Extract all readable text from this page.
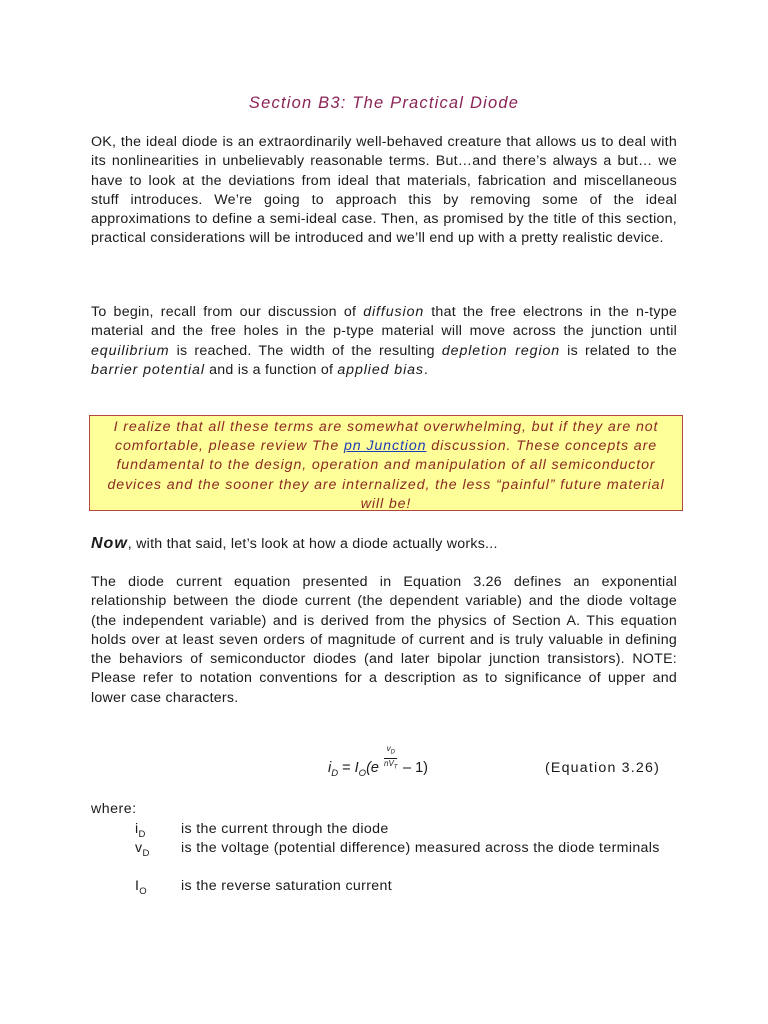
Section B3: The Practical Diode

OK, the ideal diode is an extraordinarily well-behaved creature that allows us to deal with its nonlinearities in unbelievably reasonable terms. But…and there’s always a but… we have to look at the deviations from ideal that materials, fabrication and miscellaneous stuff introduces. We’re going to approach this by removing some of the ideal approximations to define a semi-ideal case. Then, as promised by the title of this section, practical considerations will be introduced and we’ll end up with a pretty realistic device.

To begin, recall from our discussion of diffusion that the free electrons in the n-type material and the free holes in the p-type material will move across the junction until equilibrium is reached. The width of the resulting depletion region is related to the barrier potential and is a function of applied bias.

I realize that all these terms are somewhat overwhelming, but if they are not comfortable, please review The pn Junction discussion. These concepts are fundamental to the design, operation and manipulation of all semiconductor devices and the sooner they are internalized, the less “painful” future material will be!

Now, with that said, let’s look at how a diode actually works...

The diode current equation presented in Equation 3.26 defines an exponential relationship between the diode current (the dependent variable) and the diode voltage (the independent variable) and is derived from the physics of Section A. This equation holds over at least seven orders of magnitude of current and is truly valuable in defining the behaviors of semiconductor diodes (and later bipolar junction transistors). NOTE: Please refer to notation conventions for a description as to significance of upper and lower case characters.

$v_D$
$nV_T$
$i_D = I_O(e - 1)$	(Equation 3.26)
where:
$i_D$ is the current through the diode
$v_D$ is the voltage (potential difference) measured across the diode terminals
$I_O$ is the reverse saturation current
